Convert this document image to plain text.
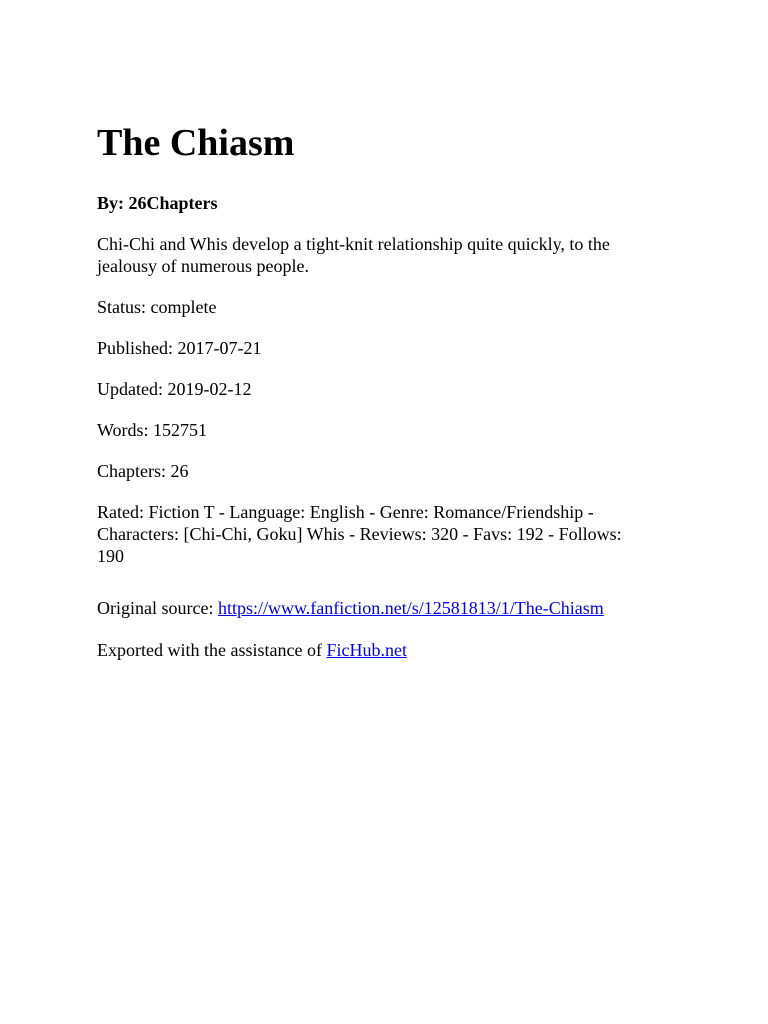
The Chiasm

By: 26Chapters

Chi-Chi and Whis develop a tight-knit relationship quite quickly, to the jealousy of numerous people.

Status: complete

Published: 2017-07-21

Updated: 2019-02-12

Words: 152751

Chapters: 26

Rated: Fiction T - Language: English - Genre: Romance/Friendship - Characters: [Chi-Chi, Goku] Whis - Reviews: 320 - Favs: 192 - Follows: 190

Original source: https://www.fanfiction.net/s/12581813/1/The-Chiasm Exported with the assistance of FicHub.net
